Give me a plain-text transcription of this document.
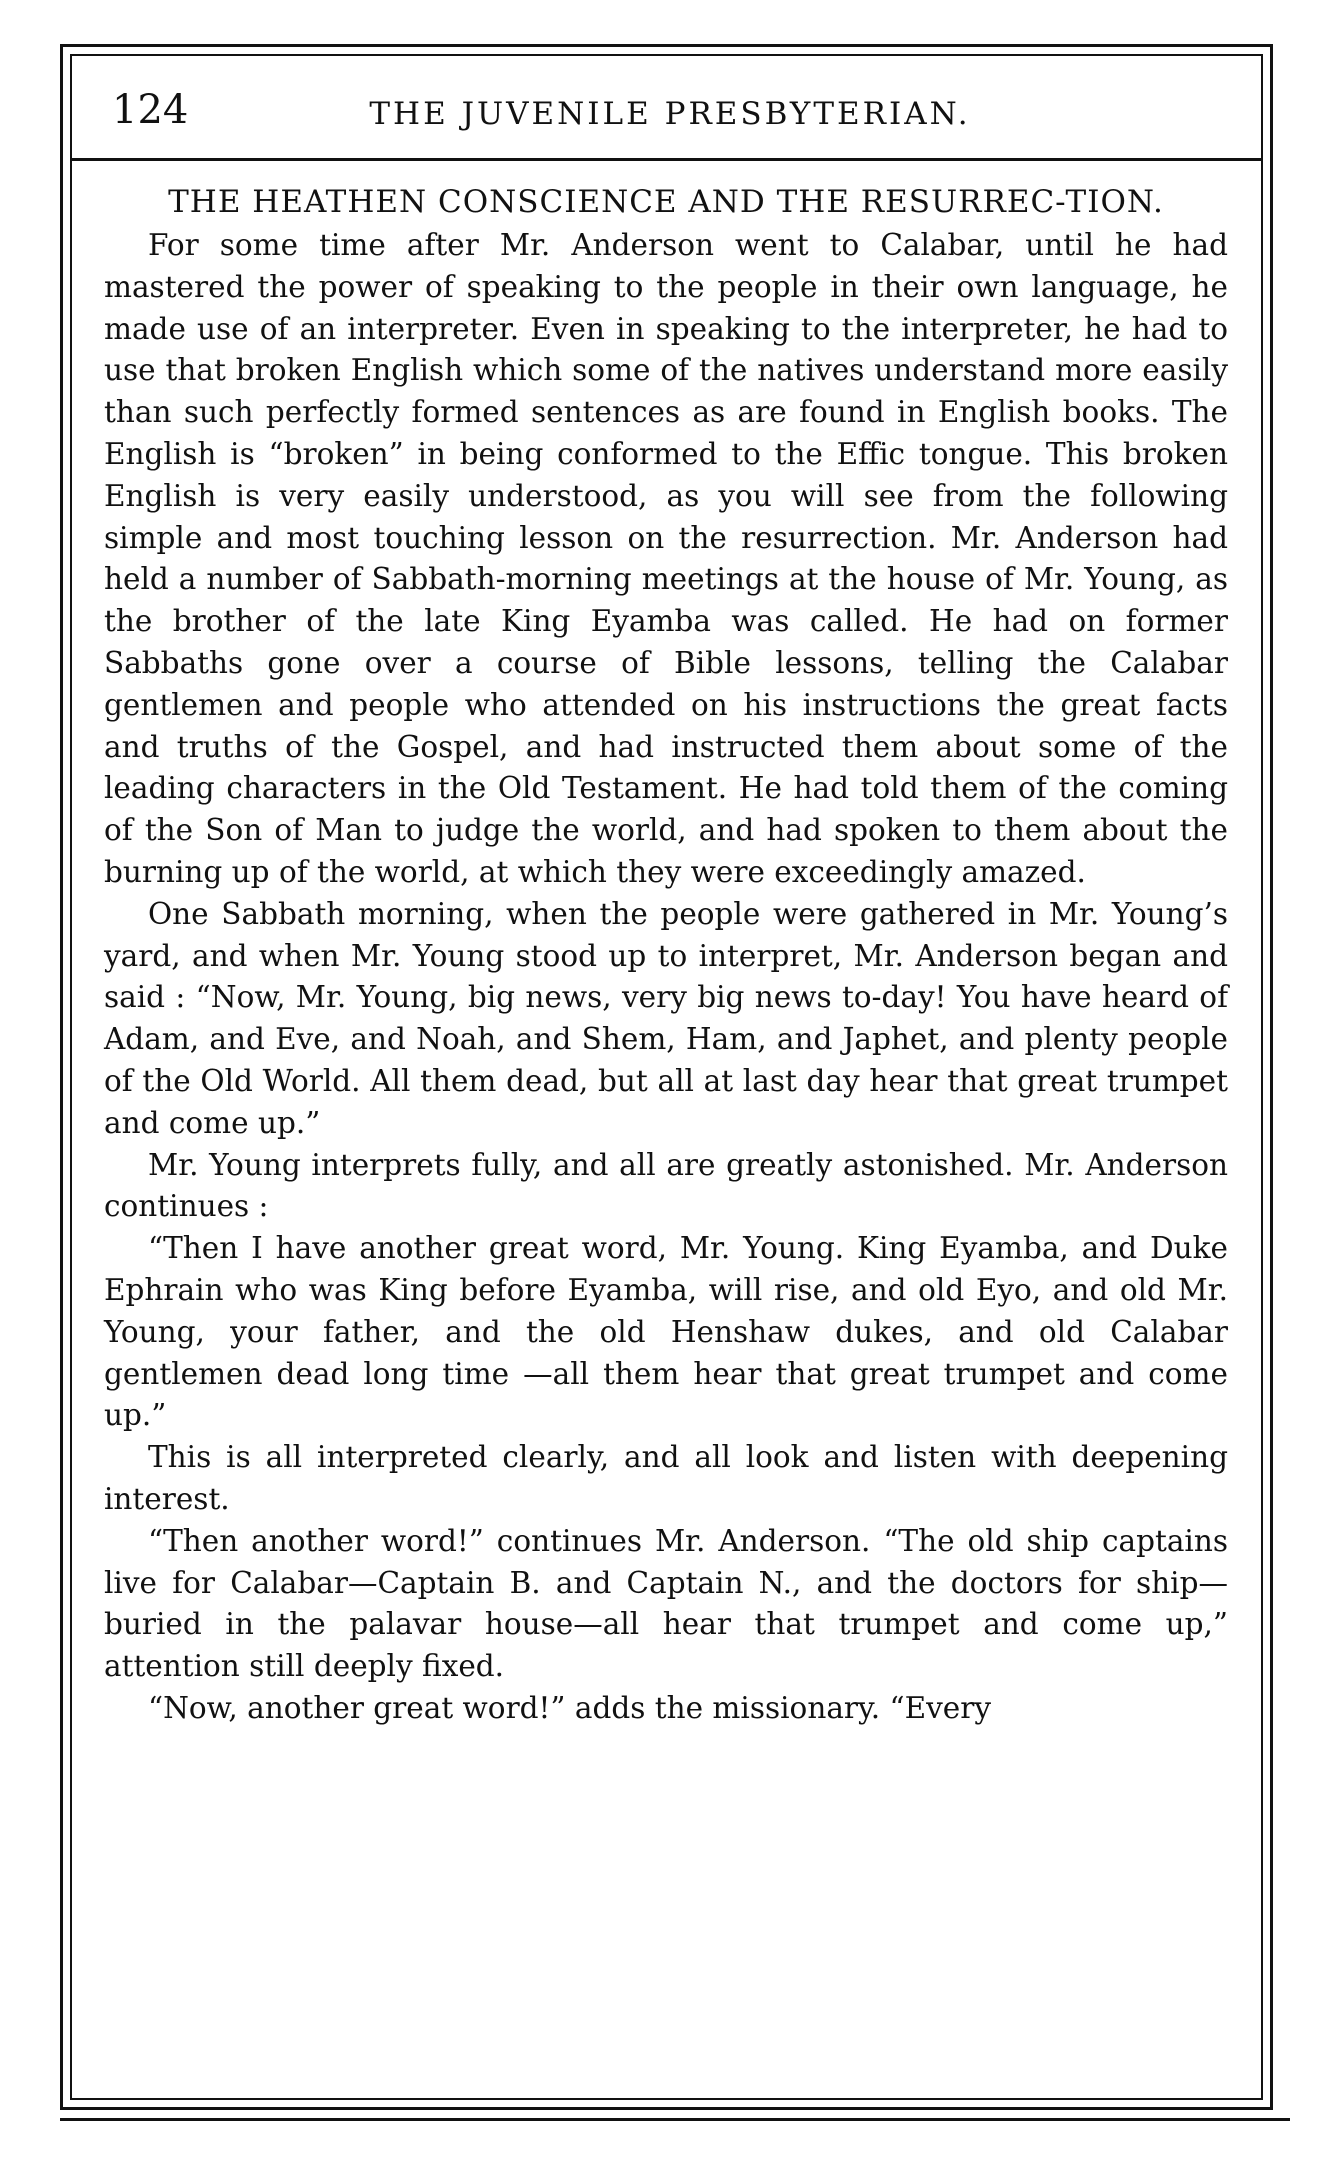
124	THE JUVENILE PRESBYTERIAN.
THE HEATHEN CONSCIENCE AND THE RESURREC-TION.

For some time after Mr. Anderson went to Calabar, until he had mastered the power of speaking to the people in their own language, he made use of an interpreter. Even in speaking to the interpreter, he had to use that broken English which some of the natives understand more easily than such perfectly formed sentences as are found in English books. The English is “broken” in being conformed to the Effic tongue. This broken English is very easily understood, as you will see from the following simple and most touching lesson on the resurrection. Mr. Anderson had held a number of Sabbath-morning meetings at the house of Mr. Young, as the brother of the late King Eyamba was called. He had on former Sabbaths gone over a course of Bible lessons, telling the Calabar gentlemen and people who attended on his instructions the great facts and truths of the Gospel, and had instructed them about some of the leading characters in the Old Testament. He had told them of the coming of the Son of Man to judge the world, and had spoken to them about the burning up of the world, at which they were exceedingly amazed.

One Sabbath morning, when the people were gathered in Mr. Young’s yard, and when Mr. Young stood up to interpret, Mr. Anderson began and said : “Now, Mr. Young, big news, very big news to-day! You have heard of Adam, and Eve, and Noah, and Shem, Ham, and Japhet, and plenty people of the Old World. All them dead, but all at last day hear that great trumpet and come up.”

Mr. Young interprets fully, and all are greatly astonished. Mr. Anderson continues :

“Then I have another great word, Mr. Young. King Eyamba, and Duke Ephrain who was King before Eyamba, will rise, and old Eyo, and old Mr. Young, your father, and the old Henshaw dukes, and old Calabar gentlemen dead long time —all them hear that great trumpet and come up.”

This is all interpreted clearly, and all look and listen with deepening interest.

“Then another word!” continues Mr. Anderson. “The old ship captains live for Calabar—Captain B. and Captain N., and the doctors for ship—buried in the palavar house—all hear that trumpet and come up,” attention still deeply fixed.

“Now, another great word!” adds the missionary. “Every
